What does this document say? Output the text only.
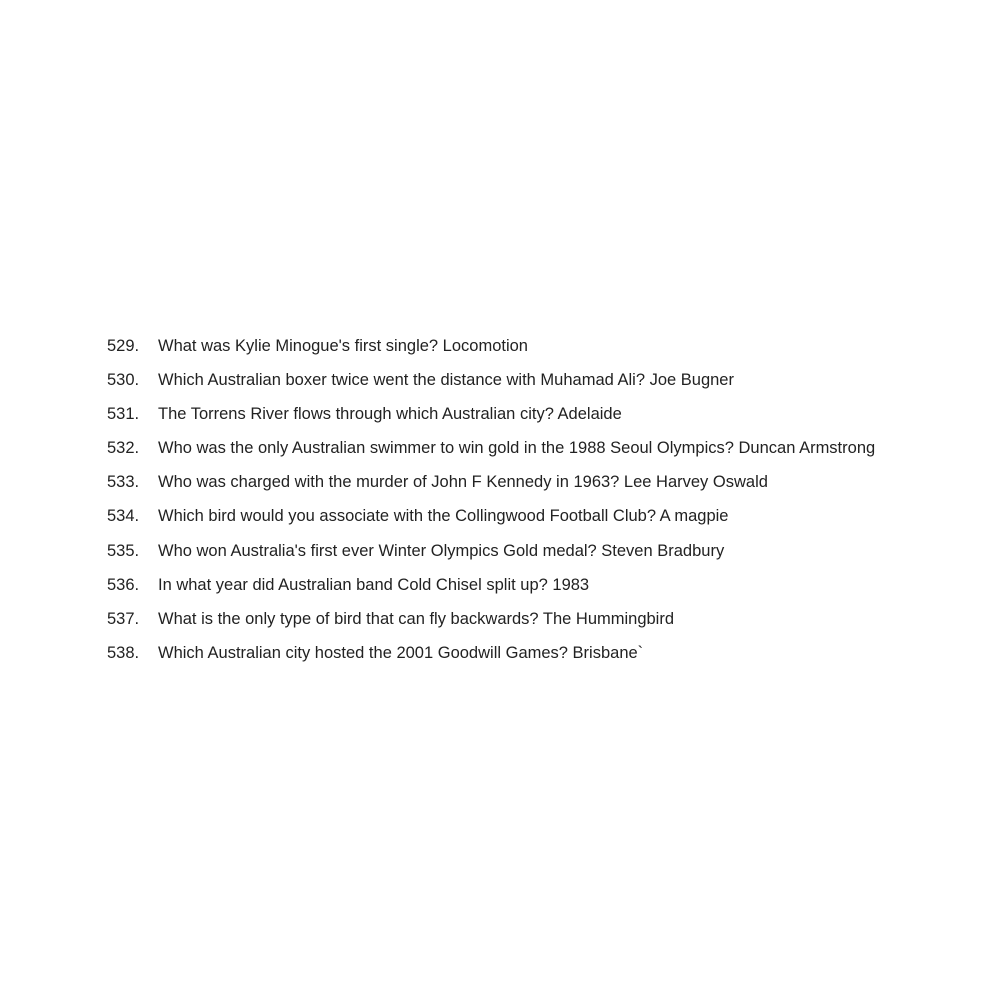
529.	What was Kylie Minogue's first single? Locomotion
530.	Which Australian boxer twice went the distance with Muhamad Ali? Joe Bugner
531.	The Torrens River flows through which Australian city? Adelaide
532.	Who was the only Australian swimmer to win gold in the 1988 Seoul Olympics? Duncan Armstrong
533.	Who was charged with the murder of John F Kennedy in 1963? Lee Harvey Oswald
534.	Which bird would you associate with the Collingwood Football Club? A magpie
535.	Who won Australia's first ever Winter Olympics Gold medal? Steven Bradbury
536.	In what year did Australian band Cold Chisel split up? 1983
537.	What is the only type of bird that can fly backwards? The Hummingbird
538.	Which Australian city hosted the 2001 Goodwill Games? Brisbane`
